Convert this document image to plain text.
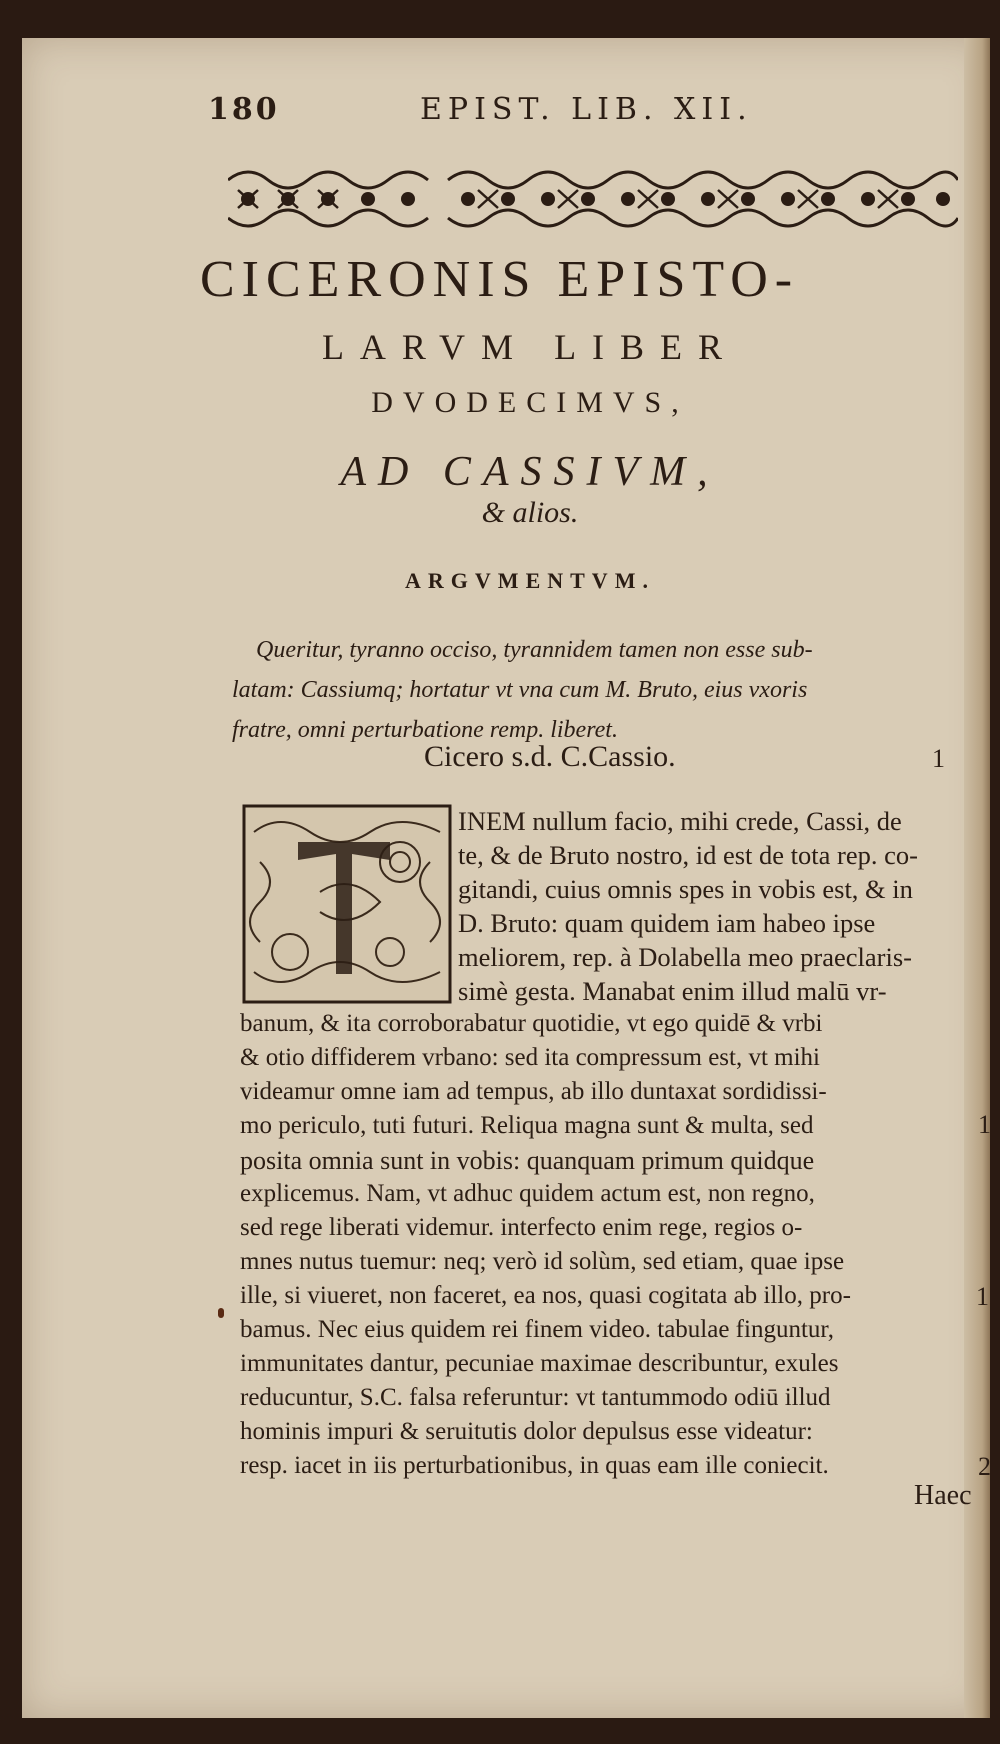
180	EPIST. LIB. XII.
CICERONIS EPISTO-
LARVM LIBER
DVODECIMVS,
AD CASSIVM,
& alios.
ARGVMENTVM.
Queritur, tyranno occiso, tyrannidem tamen non esse sub-
latam: Cassiumq; hortatur vt vna cum M. Bruto, eius vxoris
fratre, omni perturbatione remp. liberet.
Cicero s.d. C.Cassio.	1
INEM nullum facio, mihi crede, Cassi, de
te, & de Bruto nostro, id est de tota rep. co-
gitandi, cuius omnis spes in vobis est, & in
D. Bruto: quam quidem iam habeo ipse
meliorem, rep. à Dolabella meo praeclaris-
simè gesta. Manabat enim illud malū vr-
banum, & ita corroborabatur quotidie, vt ego quidē & vrbi
& otio diffiderem vrbano: sed ita compressum est, vt mihi
videamur omne iam ad tempus, ab illo duntaxat sordidissi-
mo periculo, tuti futuri. Reliqua magna sunt & multa, sed
posita omnia sunt in vobis: quanquam primum quidque
explicemus. Nam, vt adhuc quidem actum est, non regno,
sed rege liberati videmur. interfecto enim rege, regios o-
mnes nutus tuemur: neq; verò id solùm, sed etiam, quae ipse
ille, si viueret, non faceret, ea nos, quasi cogitata ab illo, pro-
bamus. Nec eius quidem rei finem video. tabulae finguntur,
immunitates dantur, pecuniae maximae describuntur, exules
reducuntur, S.C. falsa referuntur: vt tantummodo odiū illud
hominis impuri & seruitutis dolor depulsus esse videatur:
resp. iacet in iis perturbationibus, in quas eam ille coniecit.
1
1
2
Haec
